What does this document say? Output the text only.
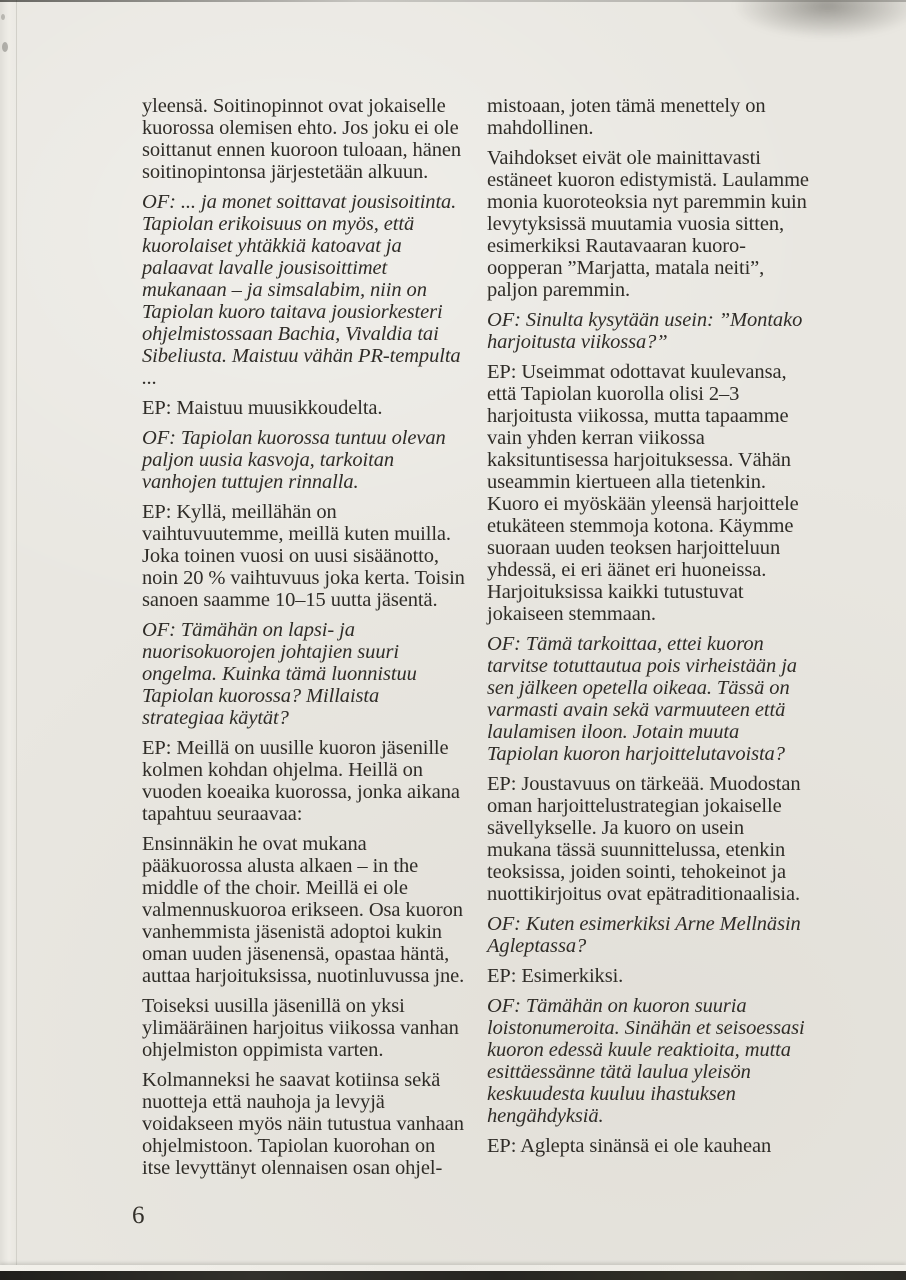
yleensä. Soitinopinnot ovat jokaiselle kuorossa olemisen ehto. Jos joku ei ole soittanut ennen kuoroon tuloaan, hänen soitinopintonsa järjestetään alkuun.

OF: ... ja monet soittavat jousisoitinta. Tapiolan erikoisuus on myös, että kuorolaiset yhtäkkiä katoavat ja palaavat lavalle jousisoittimet mukanaan – ja simsalabim, niin on Tapiolan kuoro taitava jousiorkesteri ohjelmistossaan Bachia, Vivaldia tai Sibeliusta. Maistuu vähän PR-tempulta ...

EP: Maistuu muusikkoudelta.

OF: Tapiolan kuorossa tuntuu olevan paljon uusia kasvoja, tarkoitan vanhojen tuttujen rinnalla.

EP: Kyllä, meillähän on vaihtuvuutemme, meillä kuten muilla. Joka toinen vuosi on uusi sisäänotto, noin 20 % vaihtuvuus joka kerta. Toisin sanoen saamme 10–15 uutta jäsentä.

OF: Tämähän on lapsi- ja nuorisokuorojen johtajien suuri ongelma. Kuinka tämä luonnistuu Tapiolan kuorossa? Millaista strategiaa käytät?

EP: Meillä on uusille kuoron jäsenille kolmen kohdan ohjelma. Heillä on vuoden koeaika kuorossa, jonka aikana tapahtuu seuraavaa:

Ensinnäkin he ovat mukana pääkuorossa alusta alkaen – in the middle of the choir. Meillä ei ole valmennuskuoroa erikseen. Osa kuoron vanhemmista jäsenistä adoptoi kukin oman uuden jäsenensä, opastaa häntä, auttaa harjoituksissa, nuotinluvussa jne.

Toiseksi uusilla jäsenillä on yksi ylimääräinen harjoitus viikossa vanhan ohjelmiston oppimista varten.

Kolmanneksi he saavat kotiinsa sekä nuotteja että nauhoja ja levyjä voidakseen myös näin tutustua vanhaan ohjelmistoon. Tapiolan kuorohan on itse levyttänyt olennaisen osan ohjel-

mistoaan, joten tämä menettely on mahdollinen.

Vaihdokset eivät ole mainittavasti estäneet kuoron edistymistä. Laulamme monia kuoroteoksia nyt paremmin kuin levytyksissä muutamia vuosia sitten, esimerkiksi Rautavaaran kuoro-oopperan ”Marjatta, matala neiti”, paljon paremmin.

OF: Sinulta kysytään usein: ”Montako harjoitusta viikossa?”

EP: Useimmat odottavat kuulevansa, että Tapiolan kuorolla olisi 2–3 harjoitusta viikossa, mutta tapaamme vain yhden kerran viikossa kaksituntisessa harjoituksessa. Vähän useammin kiertueen alla tietenkin. Kuoro ei myöskään yleensä harjoittele etukäteen stemmoja kotona. Käymme suoraan uuden teoksen harjoitteluun yhdessä, ei eri äänet eri huoneissa. Harjoituksissa kaikki tutustuvat jokaiseen stemmaan.

OF: Tämä tarkoittaa, ettei kuoron tarvitse totuttautua pois virheistään ja sen jälkeen opetella oikeaa. Tässä on varmasti avain sekä varmuuteen että laulamisen iloon. Jotain muuta Tapiolan kuoron harjoittelutavoista?

EP: Joustavuus on tärkeää. Muodostan oman harjoittelustrategian jokaiselle sävellykselle. Ja kuoro on usein mukana tässä suunnittelussa, etenkin teoksissa, joiden sointi, tehokeinot ja nuottikirjoitus ovat epätraditionaalisia.

OF: Kuten esimerkiksi Arne Mellnäsin Agleptassa?

EP: Esimerkiksi.

OF: Tämähän on kuoron suuria loistonumeroita. Sinähän et seisoessasi kuoron edessä kuule reaktioita, mutta esittäessänne tätä laulua yleisön keskuudesta kuuluu ihastuksen hengähdyksiä.

EP: Aglepta sinänsä ei ole kauhean

6
